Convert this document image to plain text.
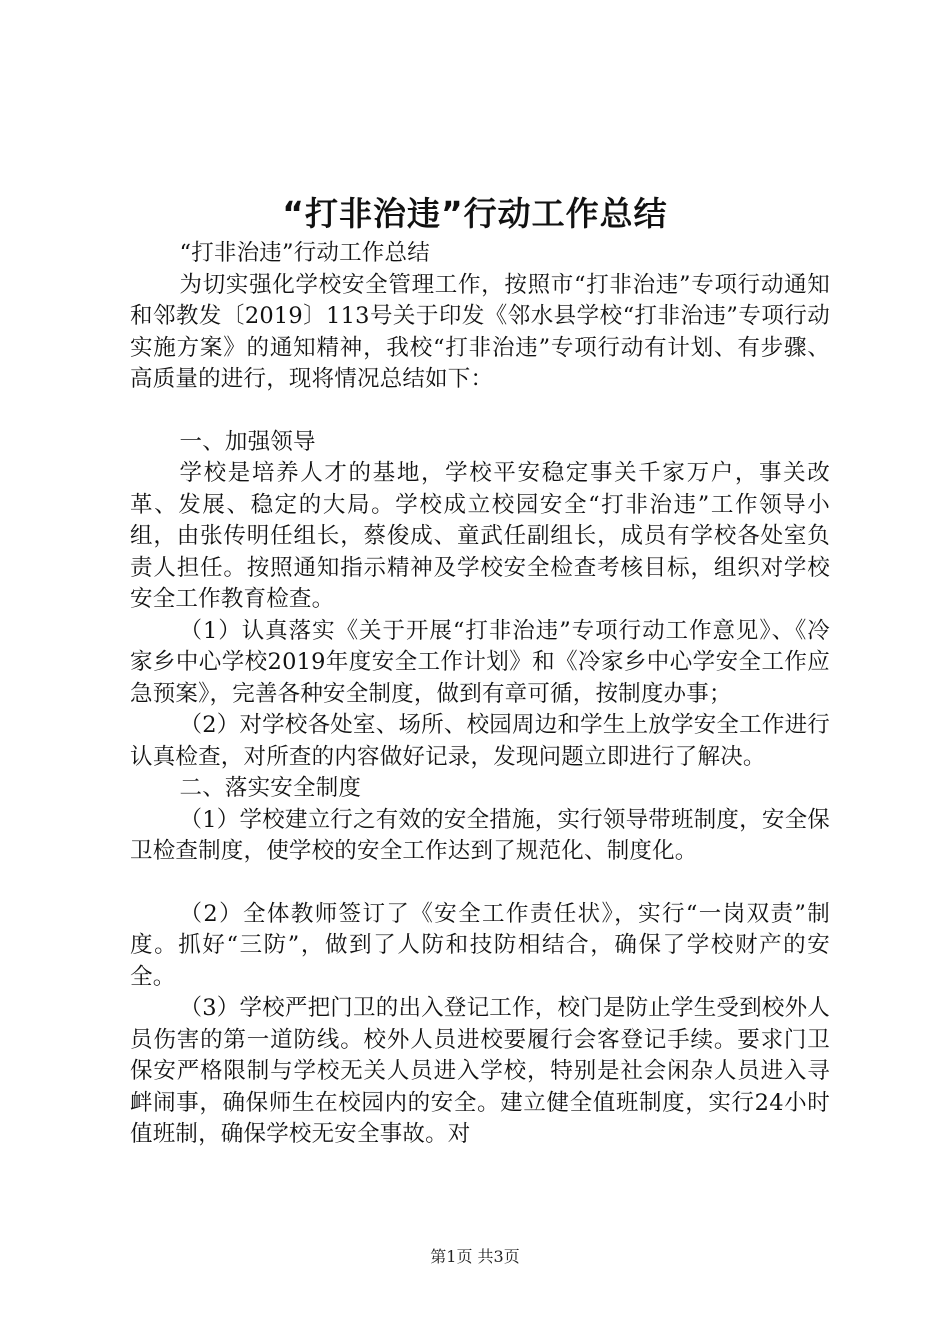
“打非治违”行动工作总结

“打非治违”行动工作总结

为切实强化学校安全管理工作，按照市“打非治违”专项行动通知和邻教发〔2019〕113号关于印发《邻水县学校“打非治违”专项行动实施方案》的通知精神，我校“打非治违”专项行动有计划、有步骤、高质量的进行，现将情况总结如下：

一、加强领导

学校是培养人才的基地，学校平安稳定事关千家万户，事关改革、发展、稳定的大局。学校成立校园安全“打非治违”工作领导小组，由张传明任组长，蔡俊成、童武任副组长，成员有学校各处室负责人担任。按照通知指示精神及学校安全检查考核目标，组织对学校安全工作教育检查。

（1）认真落实《关于开展“打非治违”专项行动工作意见》、《冷家乡中心学校2019年度安全工作计划》和《冷家乡中心学安全工作应急预案》，完善各种安全制度，做到有章可循，按制度办事；

（2）对学校各处室、场所、校园周边和学生上放学安全工作进行认真检查，对所查的内容做好记录，发现问题立即进行了解决。

二、落实安全制度

（1）学校建立行之有效的安全措施，实行领导带班制度，安全保卫检查制度，使学校的安全工作达到了规范化、制度化。

（2）全体教师签订了《安全工作责任状》，实行“一岗双责”制度。抓好“三防”，做到了人防和技防相结合，确保了学校财产的安全。

（3）学校严把门卫的出入登记工作，校门是防止学生受到校外人员伤害的第一道防线。校外人员进校要履行会客登记手续。要求门卫保安严格限制与学校无关人员进入学校，特别是社会闲杂人员进入寻衅闹事，确保师生在校园内的安全。建立健全值班制度，实行24小时值班制，确保学校无安全事故。对

第1页 共3页
